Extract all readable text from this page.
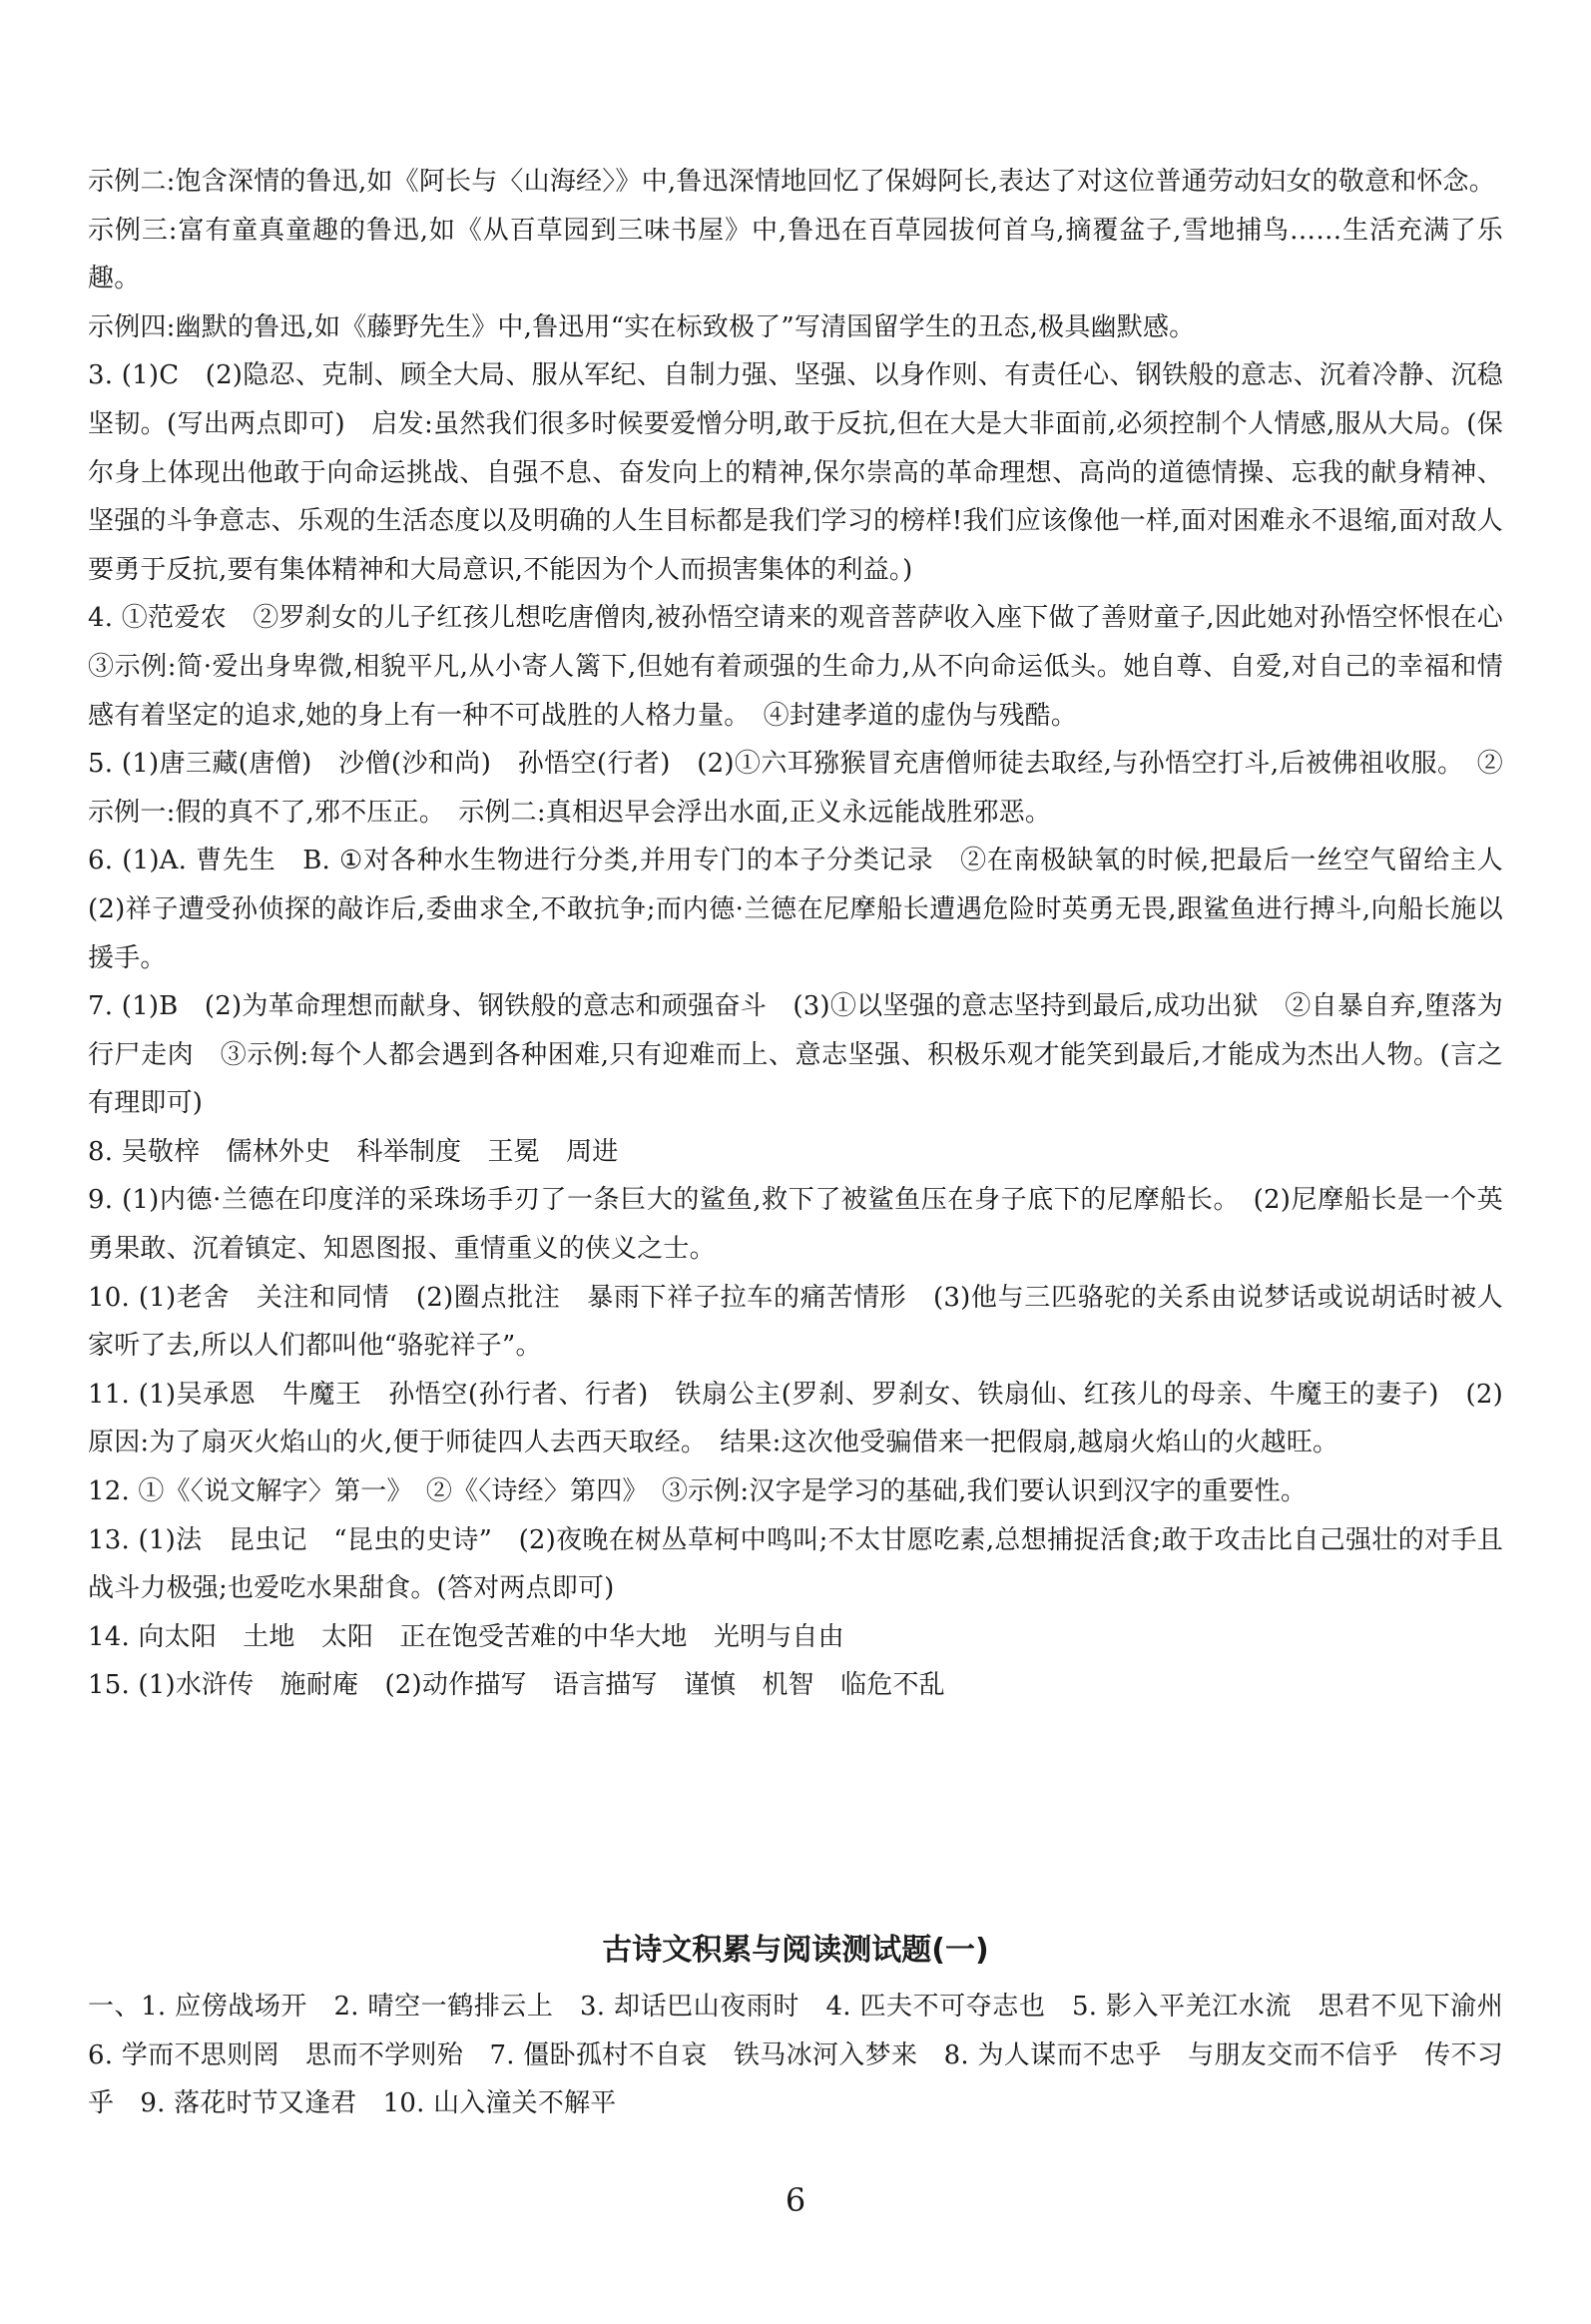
示例二:饱含深情的鲁迅,如《阿长与〈山海经〉》中,鲁迅深情地回忆了保姆阿长,表达了对这位普通劳动妇女的敬意和怀念。
示例三:富有童真童趣的鲁迅,如《从百草园到三味书屋》中,鲁迅在百草园拔何首乌,摘覆盆子,雪地捕鸟……生活充满了乐趣。
示例四:幽默的鲁迅,如《藤野先生》中,鲁迅用“实在标致极了”写清国留学生的丑态,极具幽默感。
3. (1)C　(2)隐忍、克制、顾全大局、服从军纪、自制力强、坚强、以身作则、有责任心、钢铁般的意志、沉着冷静、沉稳坚韧。(写出两点即可)　启发:虽然我们很多时候要爱憎分明,敢于反抗,但在大是大非面前,必须控制个人情感,服从大局。(保尔身上体现出他敢于向命运挑战、自强不息、奋发向上的精神,保尔崇高的革命理想、高尚的道德情操、忘我的献身精神、坚强的斗争意志、乐观的生活态度以及明确的人生目标都是我们学习的榜样!我们应该像他一样,面对困难永不退缩,面对敌人要勇于反抗,要有集体精神和大局意识,不能因为个人而损害集体的利益。)
4. ①范爱农　②罗刹女的儿子红孩儿想吃唐僧肉,被孙悟空请来的观音菩萨收入座下做了善财童子,因此她对孙悟空怀恨在心　③示例:简·爱出身卑微,相貌平凡,从小寄人篱下,但她有着顽强的生命力,从不向命运低头。她自尊、自爱,对自己的幸福和情感有着坚定的追求,她的身上有一种不可战胜的人格力量。　④封建孝道的虚伪与残酷。
5. (1)唐三藏(唐僧)　沙僧(沙和尚)　孙悟空(行者)　(2)①六耳猕猴冒充唐僧师徒去取经,与孙悟空打斗,后被佛祖收服。　②示例一:假的真不了,邪不压正。　示例二:真相迟早会浮出水面,正义永远能战胜邪恶。
6. (1)A. 曹先生　B. ①对各种水生物进行分类,并用专门的本子分类记录　②在南极缺氧的时候,把最后一丝空气留给主人　(2)祥子遭受孙侦探的敲诈后,委曲求全,不敢抗争;而内德·兰德在尼摩船长遭遇危险时英勇无畏,跟鲨鱼进行搏斗,向船长施以援手。
7. (1)B　(2)为革命理想而献身、钢铁般的意志和顽强奋斗　(3)①以坚强的意志坚持到最后,成功出狱　②自暴自弃,堕落为行尸走肉　③示例:每个人都会遇到各种困难,只有迎难而上、意志坚强、积极乐观才能笑到最后,才能成为杰出人物。(言之有理即可)
8. 吴敬梓　儒林外史　科举制度　王冕　周进
9. (1)内德·兰德在印度洋的采珠场手刃了一条巨大的鲨鱼,救下了被鲨鱼压在身子底下的尼摩船长。　(2)尼摩船长是一个英勇果敢、沉着镇定、知恩图报、重情重义的侠义之士。
10. (1)老舍　关注和同情　(2)圈点批注　暴雨下祥子拉车的痛苦情形　(3)他与三匹骆驼的关系由说梦话或说胡话时被人家听了去,所以人们都叫他“骆驼祥子”。
11. (1)吴承恩　牛魔王　孙悟空(孙行者、行者)　铁扇公主(罗刹、罗刹女、铁扇仙、红孩儿的母亲、牛魔王的妻子)　(2)原因:为了扇灭火焰山的火,便于师徒四人去西天取经。　结果:这次他受骗借来一把假扇,越扇火焰山的火越旺。
12. ①《〈说文解字〉第一》　②《〈诗经〉第四》　③示例:汉字是学习的基础,我们要认识到汉字的重要性。
13. (1)法　昆虫记　“昆虫的史诗”　(2)夜晚在树丛草柯中鸣叫;不太甘愿吃素,总想捕捉活食;敢于攻击比自己强壮的对手且战斗力极强;也爱吃水果甜食。(答对两点即可)
14. 向太阳　土地　太阳　正在饱受苦难的中华大地　光明与自由
15. (1)水浒传　施耐庵　(2)动作描写　语言描写　谨慎　机智　临危不乱
古诗文积累与阅读测试题(一)

一、1. 应傍战场开　2. 晴空一鹤排云上　3. 却话巴山夜雨时　4. 匹夫不可夺志也　5. 影入平羌江水流　思君不见下渝州　6. 学而不思则罔　思而不学则殆　7. 僵卧孤村不自哀　铁马冰河入梦来　8. 为人谋而不忠乎　与朋友交而不信乎　传不习乎　9. 落花时节又逢君　10. 山入潼关不解平

6
